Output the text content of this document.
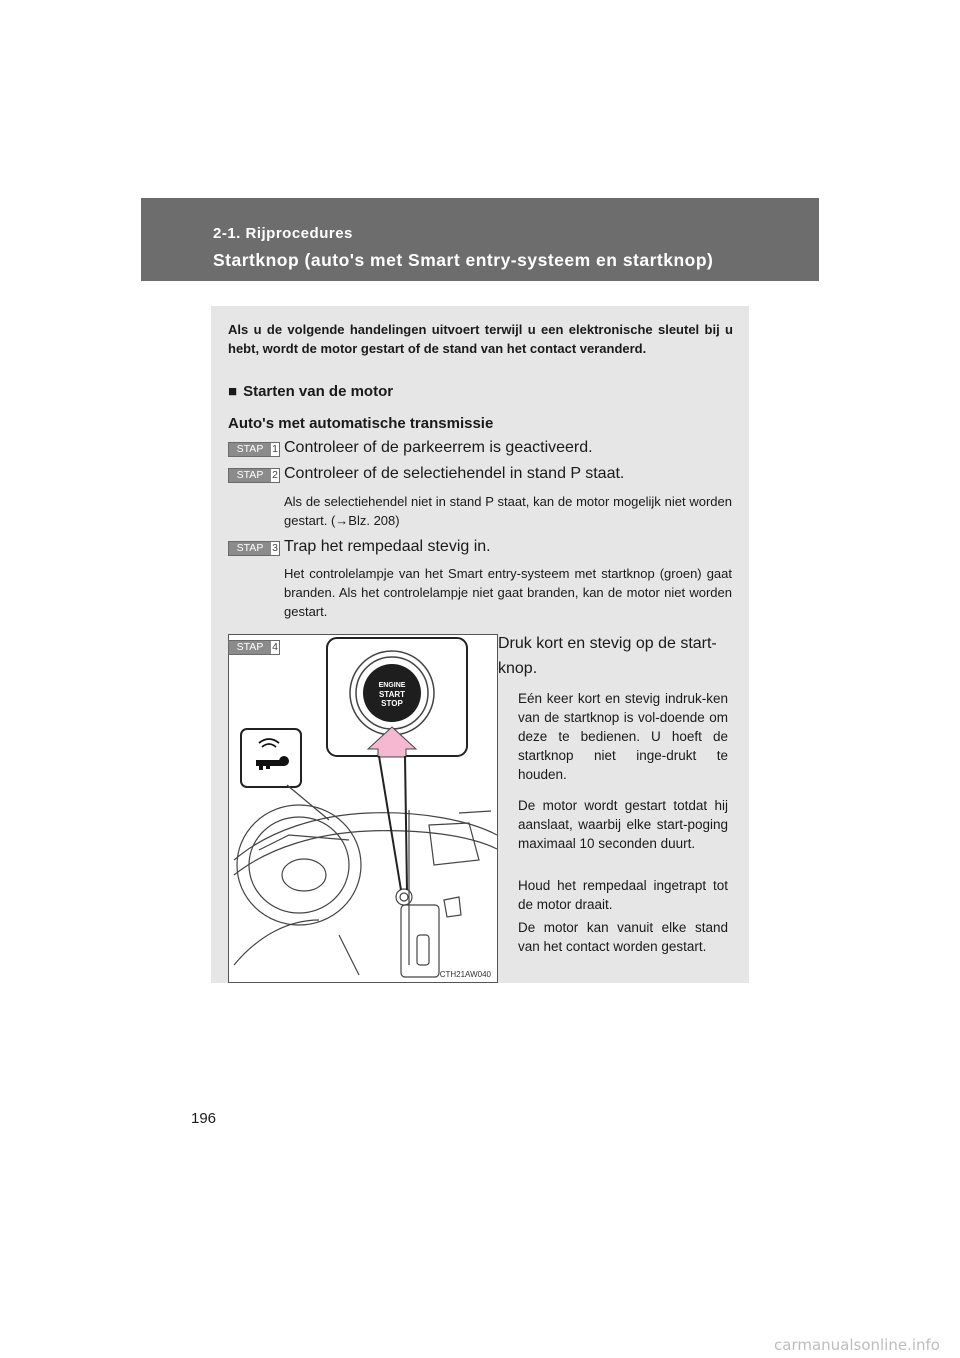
2-1. Rijprocedures
Startknop (auto's met Smart entry-systeem en startknop)
Als u de volgende handelingen uitvoert terwijl u een elektronische sleutel bij u hebt, wordt de motor gestart of de stand van het contact veranderd.
■ Starten van de motor
Auto's met automatische transmissie
STAP 1 Controleer of de parkeerrem is geactiveerd.
STAP 2 Controleer of de selectiehendel in stand P staat.
Als de selectiehendel niet in stand P staat, kan de motor mogelijk niet worden gestart. (→Blz. 208)
STAP 3 Trap het rempedaal stevig in.
Het controlelampje van het Smart entry-systeem met startknop (groen) gaat branden. Als het controlelampje niet gaat branden, kan de motor niet worden gestart.
ENGINE
START
STOP
CTH21AW040
STAP 4	Druk kort en stevig op de start-knop.
Eén keer kort en stevig indruk-ken van de startknop is vol-doende om deze te bedienen. U hoeft de startknop niet inge-drukt te houden.
De motor wordt gestart totdat hij aanslaat, waarbij elke start-poging maximaal 10 seconden duurt.
Houd het rempedaal ingetrapt tot de motor draait.
De motor kan vanuit elke stand van het contact worden gestart.
196
carmanualsonline.info
